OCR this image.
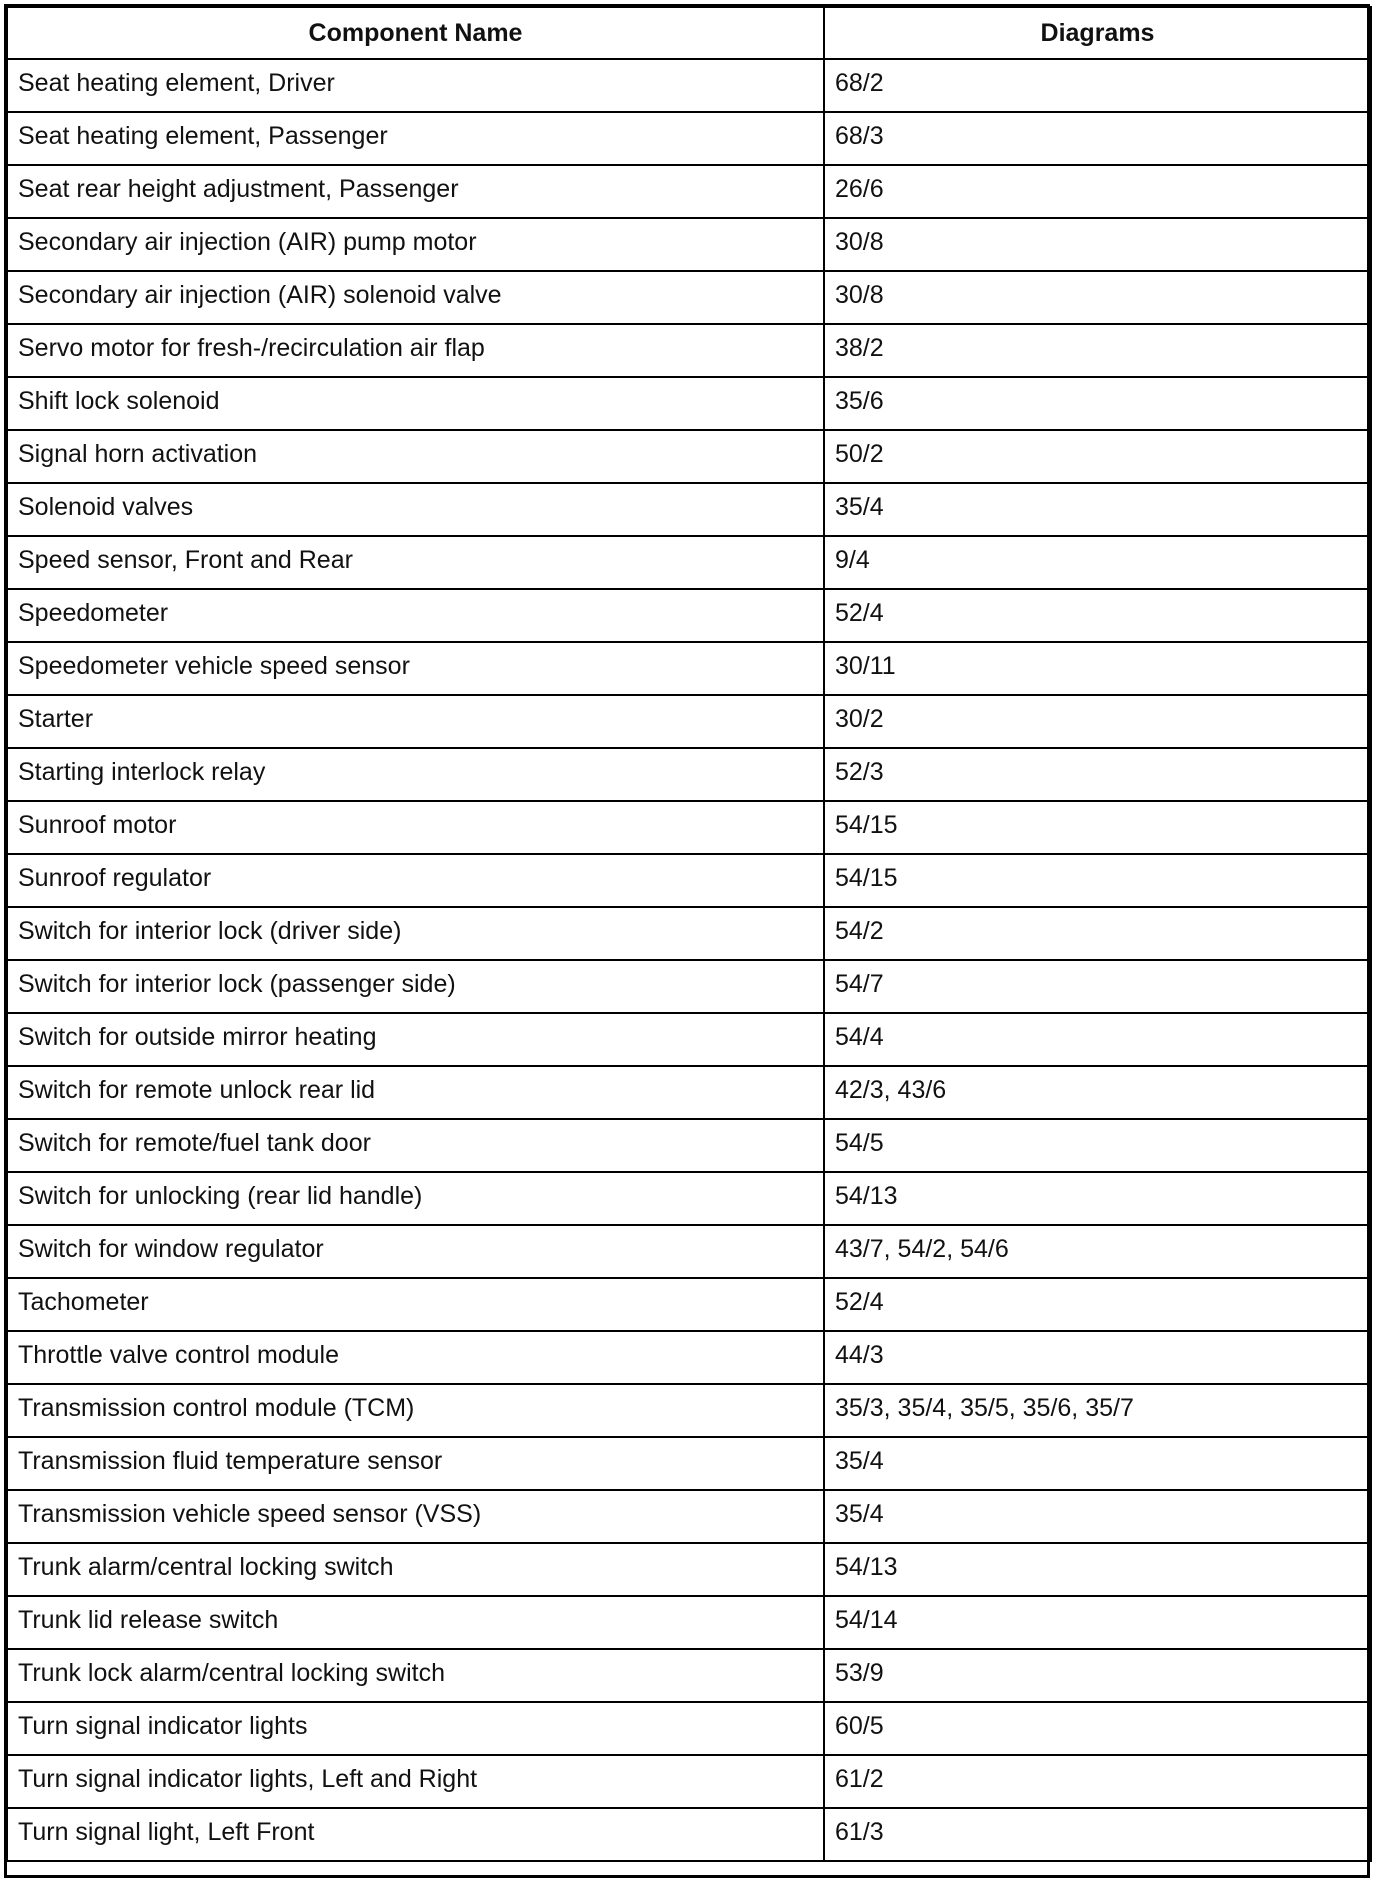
Component Name	Diagrams
Seat heating element, Driver	68/2
Seat heating element, Passenger	68/3
Seat rear height adjustment, Passenger	26/6
Secondary air injection (AIR) pump motor	30/8
Secondary air injection (AIR) solenoid valve	30/8
Servo motor for fresh-/recirculation air flap	38/2
Shift lock solenoid	35/6
Signal horn activation	50/2
Solenoid valves	35/4
Speed sensor, Front and Rear	9/4
Speedometer	52/4
Speedometer vehicle speed sensor	30/11
Starter	30/2
Starting interlock relay	52/3
Sunroof motor	54/15
Sunroof regulator	54/15
Switch for interior lock (driver side)	54/2
Switch for interior lock (passenger side)	54/7
Switch for outside mirror heating	54/4
Switch for remote unlock rear lid	42/3, 43/6
Switch for remote/fuel tank door	54/5
Switch for unlocking (rear lid handle)	54/13
Switch for window regulator	43/7, 54/2, 54/6
Tachometer	52/4
Throttle valve control module	44/3
Transmission control module (TCM)	35/3, 35/4, 35/5, 35/6, 35/7
Transmission fluid temperature sensor	35/4
Transmission vehicle speed sensor (VSS)	35/4
Trunk alarm/central locking switch	54/13
Trunk lid release switch	54/14
Trunk lock alarm/central locking switch	53/9
Turn signal indicator lights	60/5
Turn signal indicator lights, Left and Right	61/2
Turn signal light, Left Front	61/3
